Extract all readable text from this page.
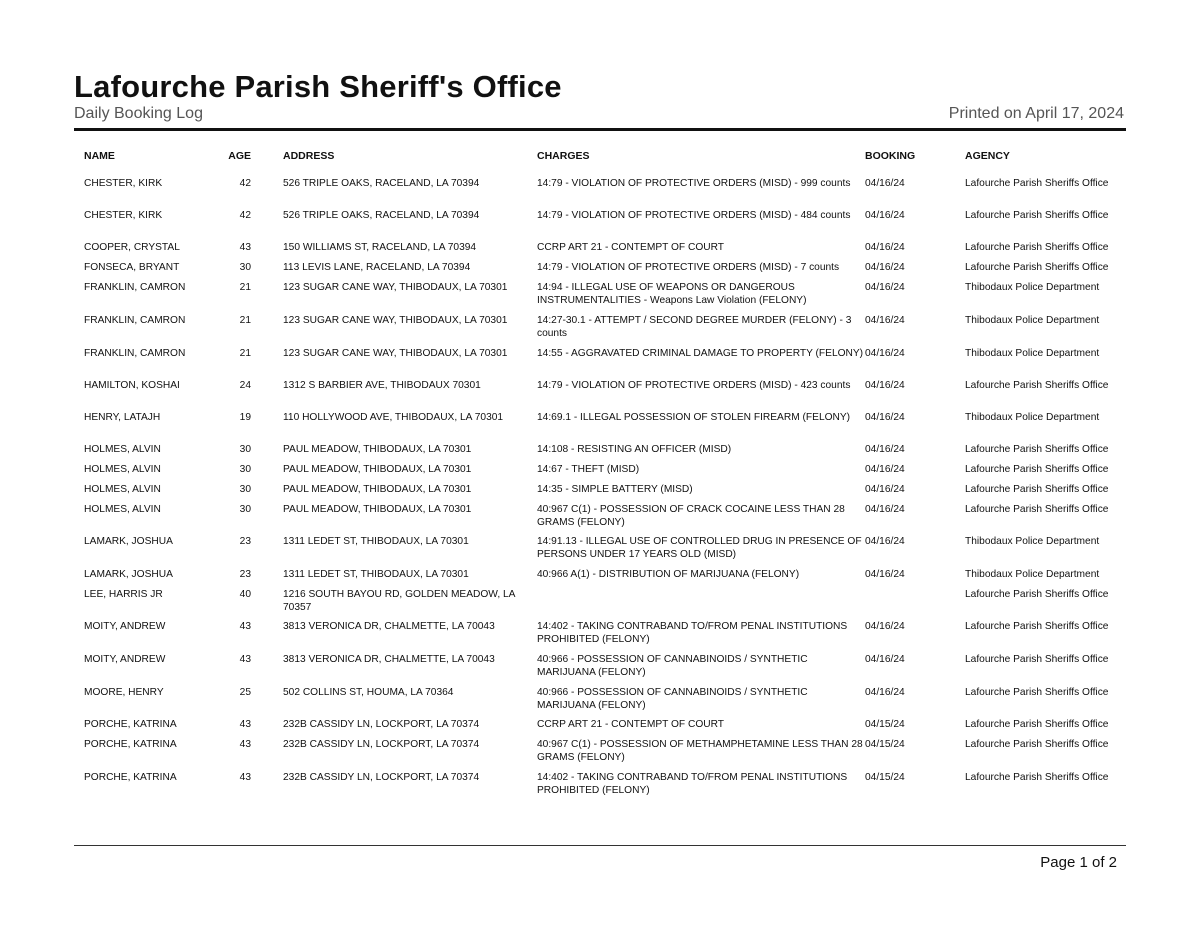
Lafourche Parish Sheriff's Office
Daily Booking Log	Printed on April 17, 2024
NAME	AGE	ADDRESS	CHARGES	BOOKING	AGENCY
CHESTER, KIRK	42	526 TRIPLE OAKS, RACELAND, LA 70394	14:79 - VIOLATION OF PROTECTIVE ORDERS (MISD) - 999 counts	04/16/24	Lafourche Parish Sheriffs Office
CHESTER, KIRK	42	526 TRIPLE OAKS, RACELAND, LA 70394	14:79 - VIOLATION OF PROTECTIVE ORDERS (MISD) - 484 counts	04/16/24	Lafourche Parish Sheriffs Office
COOPER, CRYSTAL	43	150 WILLIAMS ST, RACELAND, LA 70394	CCRP ART 21 - CONTEMPT OF COURT	04/16/24	Lafourche Parish Sheriffs Office
FONSECA, BRYANT	30	113 LEVIS LANE, RACELAND, LA 70394	14:79 - VIOLATION OF PROTECTIVE ORDERS (MISD) - 7 counts	04/16/24	Lafourche Parish Sheriffs Office
FRANKLIN, CAMRON	21	123 SUGAR CANE WAY, THIBODAUX, LA 70301	14:94 - ILLEGAL USE OF WEAPONS OR DANGEROUS INSTRUMENTALITIES - Weapons Law Violation (FELONY)	04/16/24	Thibodaux Police Department
FRANKLIN, CAMRON	21	123 SUGAR CANE WAY, THIBODAUX, LA 70301	14:27-30.1 - ATTEMPT / SECOND DEGREE MURDER (FELONY) - 3 counts	04/16/24	Thibodaux Police Department
FRANKLIN, CAMRON	21	123 SUGAR CANE WAY, THIBODAUX, LA 70301	14:55 - AGGRAVATED CRIMINAL DAMAGE TO PROPERTY (FELONY)	04/16/24	Thibodaux Police Department
HAMILTON, KOSHAI	24	1312 S BARBIER AVE, THIBODAUX 70301	14:79 - VIOLATION OF PROTECTIVE ORDERS (MISD) - 423 counts	04/16/24	Lafourche Parish Sheriffs Office
HENRY, LATAJH	19	110 HOLLYWOOD AVE, THIBODAUX, LA 70301	14:69.1 - ILLEGAL POSSESSION OF STOLEN FIREARM (FELONY)	04/16/24	Thibodaux Police Department
HOLMES, ALVIN	30	PAUL MEADOW, THIBODAUX, LA 70301	14:108 - RESISTING AN OFFICER (MISD)	04/16/24	Lafourche Parish Sheriffs Office
HOLMES, ALVIN	30	PAUL MEADOW, THIBODAUX, LA 70301	14:67 - THEFT (MISD)	04/16/24	Lafourche Parish Sheriffs Office
HOLMES, ALVIN	30	PAUL MEADOW, THIBODAUX, LA 70301	14:35 - SIMPLE BATTERY (MISD)	04/16/24	Lafourche Parish Sheriffs Office
HOLMES, ALVIN	30	PAUL MEADOW, THIBODAUX, LA 70301	40:967 C(1) - POSSESSION OF CRACK COCAINE LESS THAN 28 GRAMS (FELONY)	04/16/24	Lafourche Parish Sheriffs Office
LAMARK, JOSHUA	23	1311 LEDET ST, THIBODAUX, LA 70301	14:91.13 - ILLEGAL USE OF CONTROLLED DRUG IN PRESENCE OF PERSONS UNDER 17 YEARS OLD (MISD)	04/16/24	Thibodaux Police Department
LAMARK, JOSHUA	23	1311 LEDET ST, THIBODAUX, LA 70301	40:966 A(1) - DISTRIBUTION OF MARIJUANA (FELONY)	04/16/24	Thibodaux Police Department
LEE, HARRIS JR	40	1216 SOUTH BAYOU RD, GOLDEN MEADOW, LA 70357			Lafourche Parish Sheriffs Office
MOITY, ANDREW	43	3813 VERONICA DR, CHALMETTE, LA 70043	14:402 - TAKING CONTRABAND TO/FROM PENAL INSTITUTIONS PROHIBITED (FELONY)	04/16/24	Lafourche Parish Sheriffs Office
MOITY, ANDREW	43	3813 VERONICA DR, CHALMETTE, LA 70043	40:966 - POSSESSION OF CANNABINOIDS / SYNTHETIC MARIJUANA (FELONY)	04/16/24	Lafourche Parish Sheriffs Office
MOORE, HENRY	25	502 COLLINS ST, HOUMA, LA 70364	40:966 - POSSESSION OF CANNABINOIDS / SYNTHETIC MARIJUANA (FELONY)	04/16/24	Lafourche Parish Sheriffs Office
PORCHE, KATRINA	43	232B CASSIDY LN, LOCKPORT, LA 70374	CCRP ART 21 - CONTEMPT OF COURT	04/15/24	Lafourche Parish Sheriffs Office
PORCHE, KATRINA	43	232B CASSIDY LN, LOCKPORT, LA 70374	40:967 C(1) - POSSESSION OF METHAMPHETAMINE LESS THAN 28 GRAMS (FELONY)	04/15/24	Lafourche Parish Sheriffs Office
PORCHE, KATRINA	43	232B CASSIDY LN, LOCKPORT, LA 70374	14:402 - TAKING CONTRABAND TO/FROM PENAL INSTITUTIONS PROHIBITED (FELONY)	04/15/24	Lafourche Parish Sheriffs Office
Page 1 of 2
